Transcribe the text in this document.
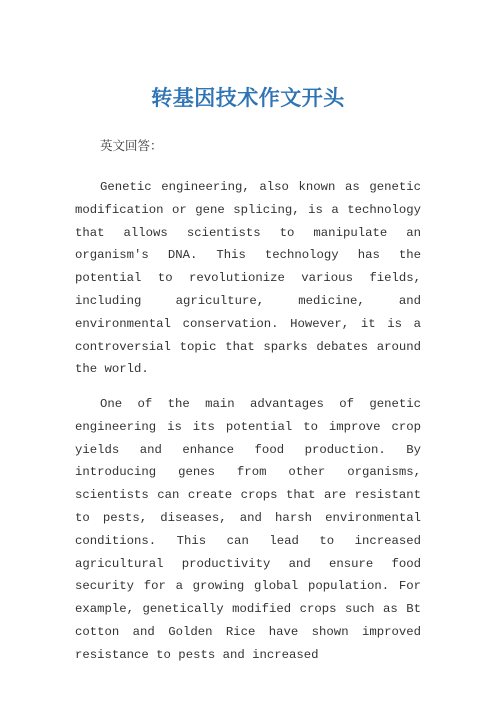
转基因技术作文开头
英文回答：

Genetic engineering, also known as genetic modification or gene splicing, is a technology that allows scientists to manipulate an organism's DNA. This technology has the potential to revolutionize various fields, including agriculture, medicine, and environmental conservation. However, it is a controversial topic that sparks debates around the world.

One of the main advantages of genetic engineering is its potential to improve crop yields and enhance food production. By introducing genes from other organisms, scientists can create crops that are resistant to pests, diseases, and harsh environmental conditions. This can lead to increased agricultural productivity and ensure food security for a growing global population. For example, genetically modified crops such as Bt cotton and Golden Rice have shown improved resistance to pests and increased
